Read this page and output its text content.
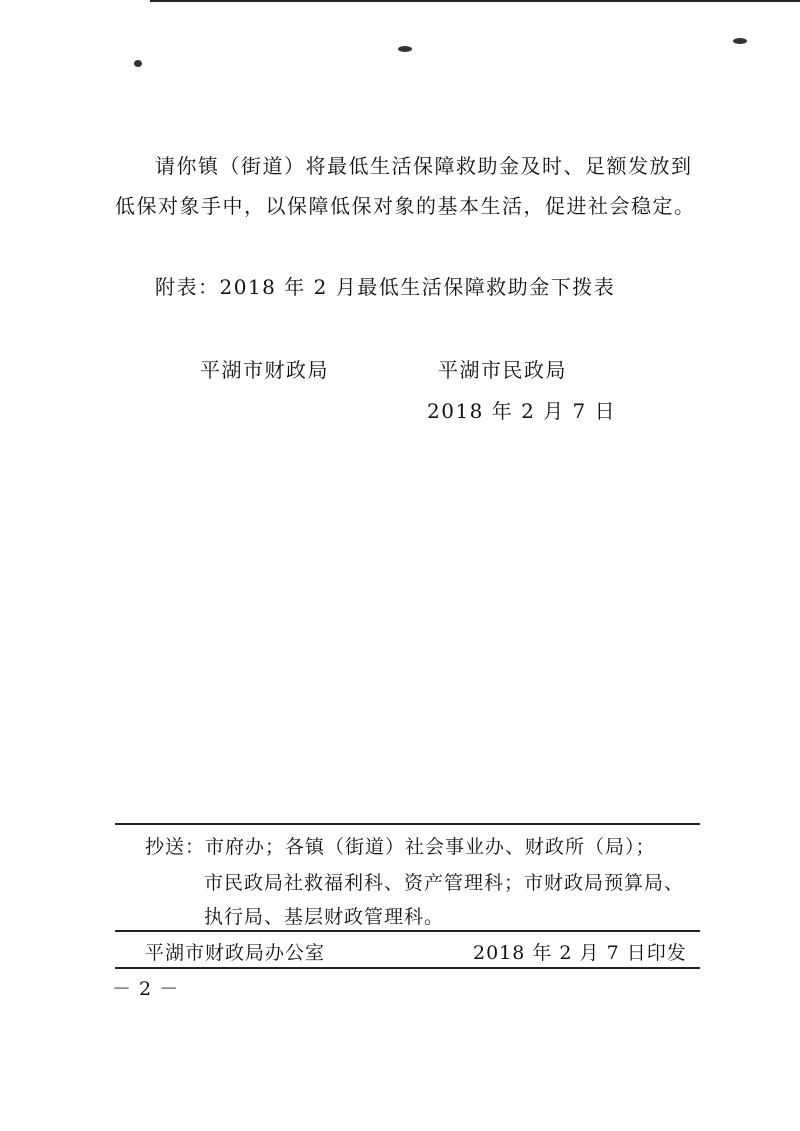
请你镇（街道）将最低生活保障救助金及时、足额发放到
低保对象手中，以保障低保对象的基本生活，促进社会稳定。
附表：2018 年 2 月最低生活保障救助金下拨表
平湖市财政局	平湖市民政局
2018 年 2 月 7 日
抄送：市府办；各镇（街道）社会事业办、财政所（局）；
市民政局社救福利科、资产管理科；市财政局预算局、
执行局、基层财政管理科。
平湖市财政局办公室	2018 年 2 月 7 日印发
－ 2 －
